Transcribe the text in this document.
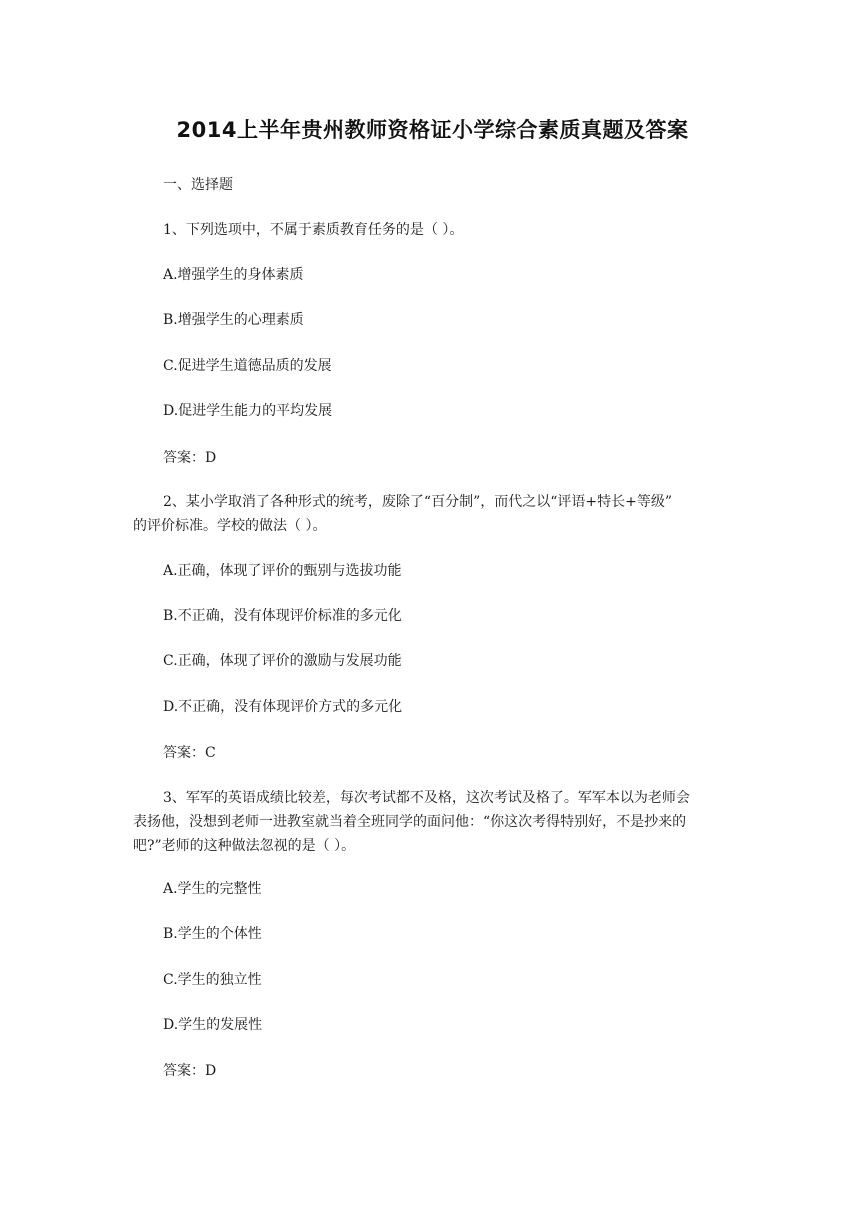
2014上半年贵州教师资格证小学综合素质真题及答案
一、选择题
1、下列选项中，不属于素质教育任务的是（ ）。
A.增强学生的身体素质
B.增强学生的心理素质
C.促进学生道德品质的发展
D.促进学生能力的平均发展
答案：D
2、某小学取消了各种形式的统考，废除了“百分制”，而代之以“评语+特长+等级”
的评价标准。学校的做法（ ）。
A.正确，体现了评价的甄别与选拔功能
B.不正确，没有体现评价标准的多元化
C.正确，体现了评价的激励与发展功能
D.不正确，没有体现评价方式的多元化
答案：C
3、军军的英语成绩比较差，每次考试都不及格，这次考试及格了。军军本以为老师会
表扬他，没想到老师一进教室就当着全班同学的面问他：“你这次考得特别好，不是抄来的
吧?”老师的这种做法忽视的是（ ）。
A.学生的完整性
B.学生的个体性
C.学生的独立性
D.学生的发展性
答案：D
